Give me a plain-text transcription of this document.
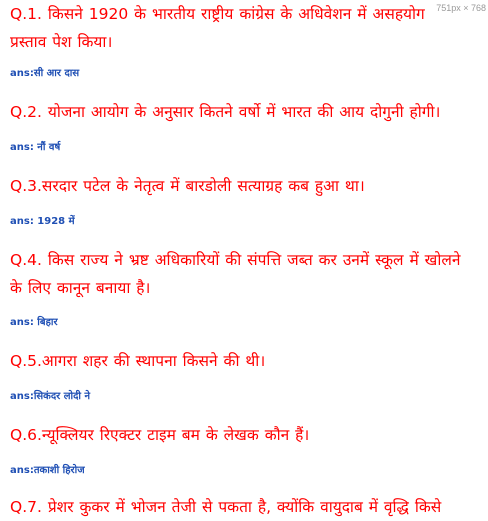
Q.1. किसने 1920 के भारतीय राष्ट्रीय कांग्रेस के अधिवेशन में असहयोग प्रस्ताव पेश किया।

ans:सी आर दास

Q.2. योजना आयोग के अनुसार कितने वर्षो में भारत की आय दोगुनी होगी।

ans: नौं वर्ष

Q.3.सरदार पटेल के नेतृत्व में बारडोली सत्याग्रह कब हुआ था।

ans: 1928 में

Q.4. किस राज्य ने भ्रष्ट अधिकारियों की संपत्ति जब्त कर उनमें स्कूल में खोलने के लिए कानून बनाया है।

ans: बिहार

Q.5.आगरा शहर की स्थापना किसने की थी।

ans:सिकंदर लोदी ने

Q.6.न्यूक्लियर रिएक्टर टाइम बम के लेखक कौन हैं।

ans:तकाशी हिरोज

Q.7. प्रेशर कुकर में भोजन तेजी से पकता है, क्योंकि वायुदाब में वृद्धि किसे

751px × 768
